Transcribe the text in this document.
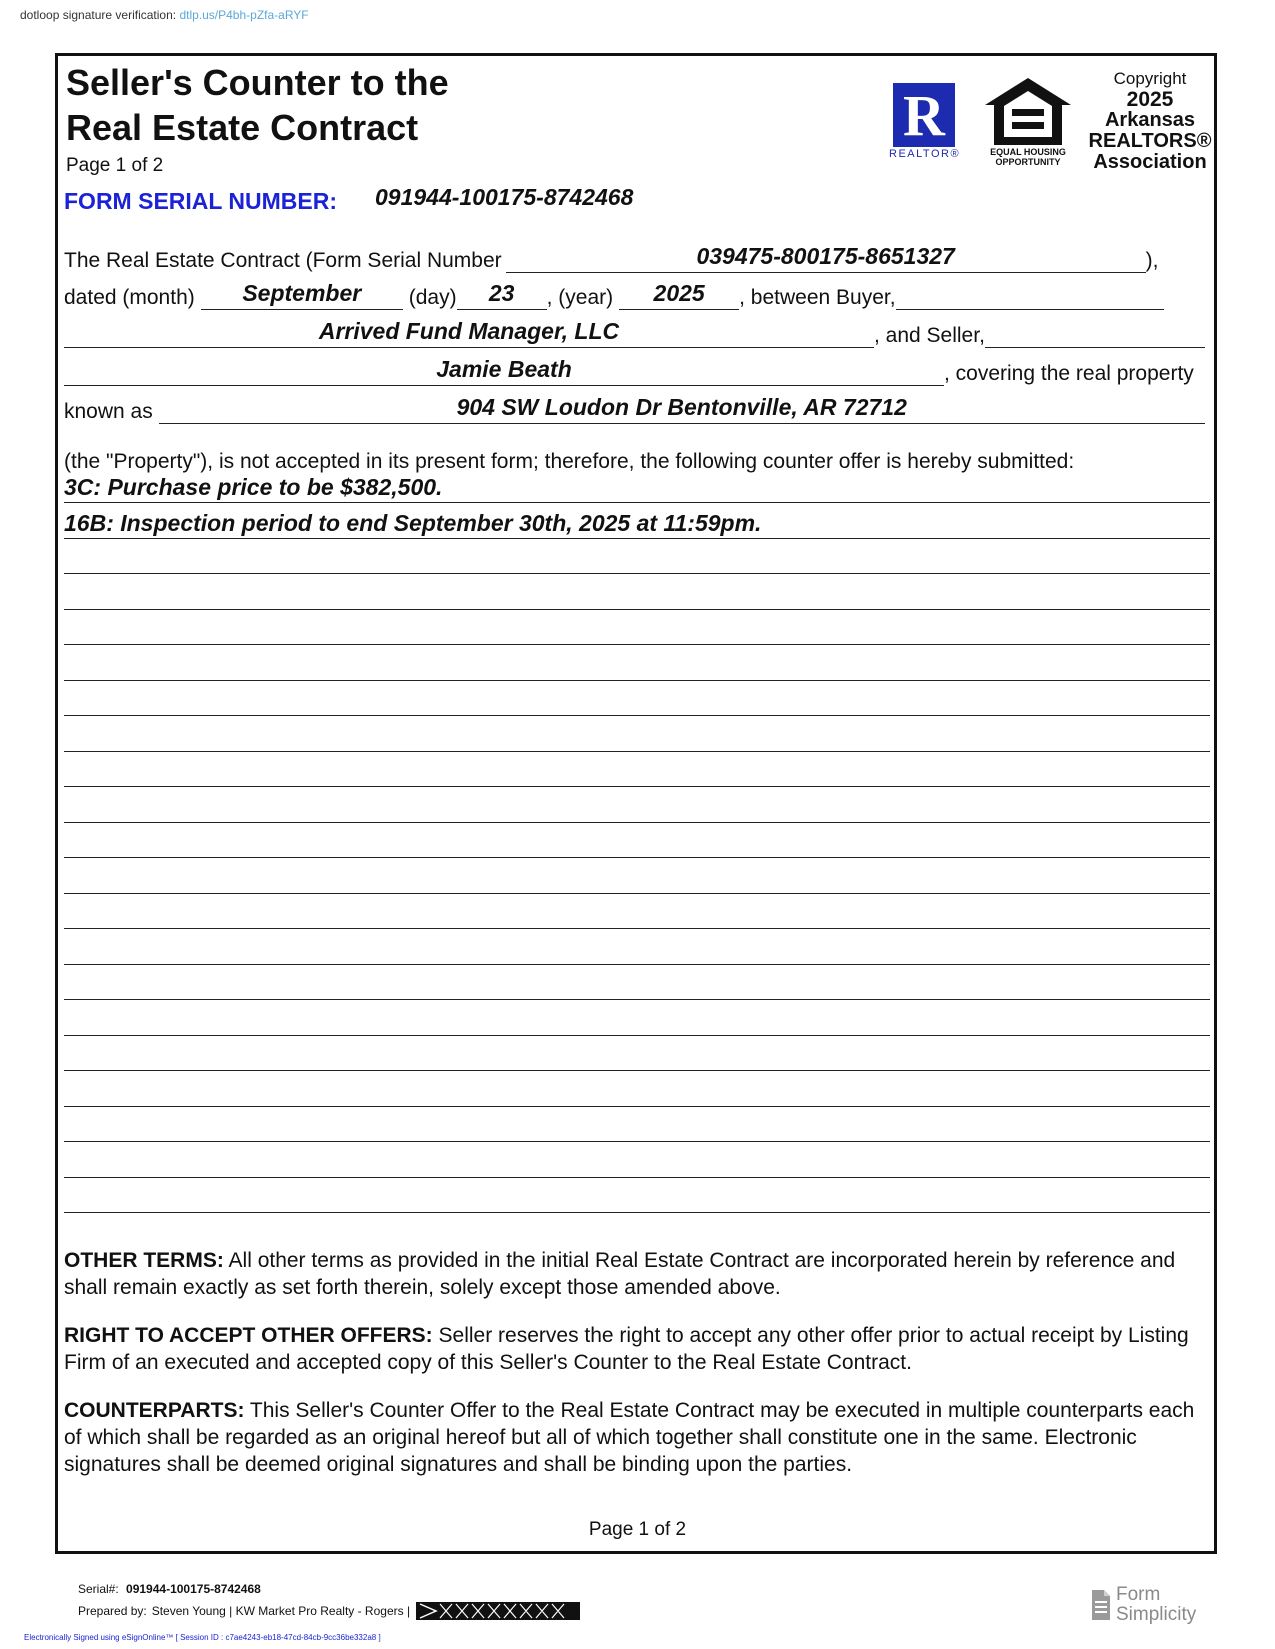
dotloop signature verification: dtlp.us/P4bh-pZfa-aRYF
Seller's Counter to the
Real Estate Contract
Page 1 of 2
FORM SERIAL NUMBER: 091944-100175-8742468
R
REALTOR®	EQUAL HOUSING
OPPORTUNITY
Copyright
2025
Arkansas
REALTORS®
Association
The Real Estate Contract (Form Serial Number	039475-800175-8651327	),
dated (month)	September	(day)	23	, (year)	2025	, between Buyer,
Arrived Fund Manager, LLC	, and Seller,
Jamie Beath	, covering the real property
known as	904 SW Loudon Dr Bentonville, AR 72712
(the "Property"), is not accepted in its present form; therefore, the following counter offer is hereby submitted:
3C: Purchase price to be $382,500.
16B: Inspection period to end September 30th, 2025 at 11:59pm.

OTHER TERMS: All other terms as provided in the initial Real Estate Contract are incorporated herein by reference and shall remain exactly as set forth therein, solely except those amended above.

RIGHT TO ACCEPT OTHER OFFERS: Seller reserves the right to accept any other offer prior to actual receipt by Listing Firm of an executed and accepted copy of this Seller's Counter to the Real Estate Contract.

COUNTERPARTS: This Seller's Counter Offer to the Real Estate Contract may be executed in multiple counterparts each of which shall be regarded as an original hereof but all of which together shall constitute one in the same. Electronic signatures shall be deemed original signatures and shall be binding upon the parties.

Page 1 of 2
Serial#: 091944-100175-8742468
Prepared by: Steven Young | KW Market Pro Realty - Rogers |
Electronically Signed using eSignOnline™ [ Session ID : c7ae4243-eb18-47cd-84cb-9cc36be332a8 ]
Form
Simplicity
